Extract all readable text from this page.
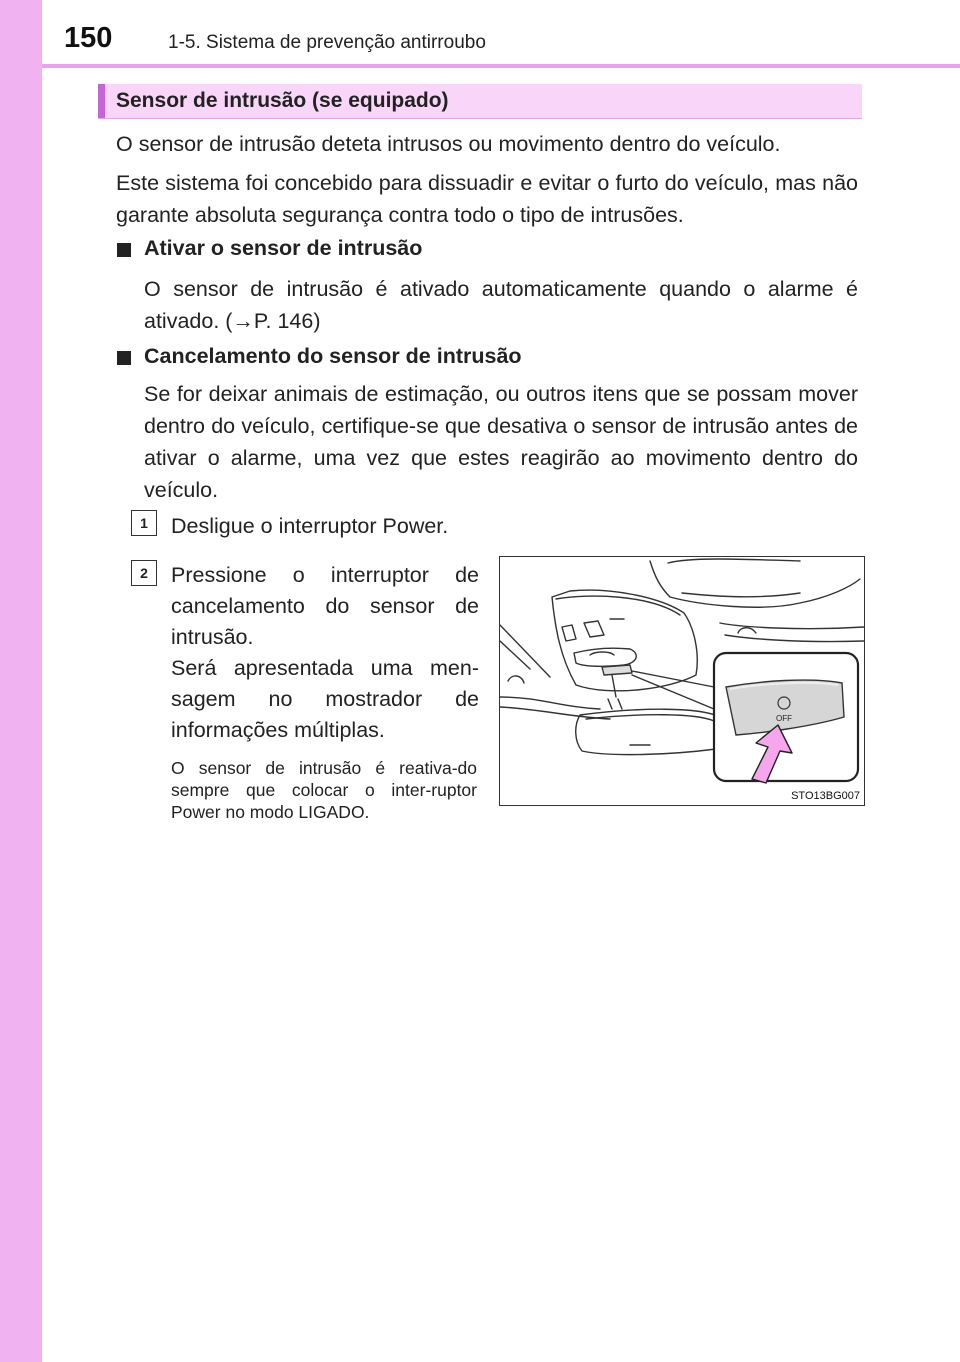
150	1-5. Sistema de prevenção antirroubo
Sensor de intrusão (se equipado)
O sensor de intrusão deteta intrusos ou movimento dentro do veículo.
Este sistema foi concebido para dissuadir e evitar o furto do veículo, mas não garante absoluta segurança contra todo o tipo de intrusões.
Ativar o sensor de intrusão
O sensor de intrusão é ativado automaticamente quando o alarme é ativado. (→P. 146)
Cancelamento do sensor de intrusão
Se for deixar animais de estimação, ou outros itens que se possam mover dentro do veículo, certifique-se que desativa o sensor de intrusão antes de ativar o alarme, uma vez que estes reagirão ao movimento dentro do veículo.
1	Desligue o interruptor Power.
2	Pressione o interruptor de cancelamento do sensor de intrusão.
Será apresentada uma men-sagem no mostrador de informações múltiplas.
O sensor de intrusão é reativa-do sempre que colocar o inter-ruptor Power no modo LIGADO.
OFF
STO13BG007
